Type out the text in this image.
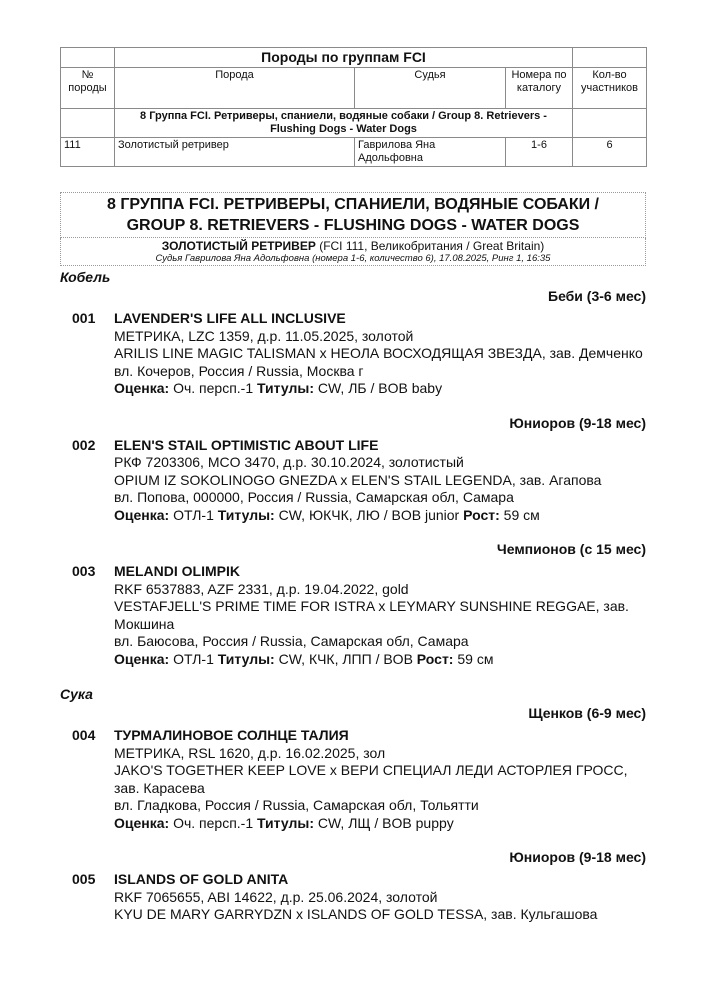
	Породы по группам FCI			
№ породы	Порода	Судья	Номера по каталогу	Кол-во участников
	8 Группа FCI. Ретриверы, спаниели, водяные собаки / Group 8. Retrievers - Flushing Dogs - Water Dogs			
111	Золотистый ретривер	Гаврилова Яна Адольфовна	1-6	6
8 ГРУППА FCI. РЕТРИВЕРЫ, СПАНИЕЛИ, ВОДЯНЫЕ СОБАКИ /
GROUP 8. RETRIEVERS - FLUSHING DOGS - WATER DOGS
ЗОЛОТИСТЫЙ РЕТРИВЕР (FCI 111, Великобритания / Great Britain)
Судья Гаврилова Яна Адольфовна (номера 1-6, количество 6), 17.08.2025, Ринг 1, 16:35
Кобель
Беби (3-6 мес)
001	LAVENDER'S LIFE ALL INCLUSIVE
МЕТРИКА, LZC 1359, д.р. 11.05.2025, золотой
ARILIS LINE MAGIC TALISMAN x НЕОЛА ВОСХОДЯЩАЯ ЗВЕЗДА, зав. Демченко
вл. Кочеров, Россия / Russia, Москва г
Оценка: Оч. персп.-1 Титулы: CW, ЛБ / BOB baby
Юниоров (9-18 мес)
002	ELEN'S STAIL OPTIMISTIC ABOUT LIFE
РКФ 7203306, MCO 3470, д.р. 30.10.2024, золотистый
OPIUM IZ SOKOLINOGO GNEZDA x ELEN'S STAIL LEGENDA, зав. Агапова
вл. Попова, 000000, Россия / Russia, Самарская обл, Самара
Оценка: ОТЛ-1 Титулы: CW, ЮКЧК, ЛЮ / BOB junior Рост: 59 см
Чемпионов (с 15 мес)
003	MELANDI OLIMPIK
RKF 6537883, AZF 2331, д.р. 19.04.2022, gold
VESTAFJELL'S PRIME TIME FOR ISTRA x LEYMARY SUNSHINE REGGAE, зав. Мокшина
вл. Баюсова, Россия / Russia, Самарская обл, Самара
Оценка: ОТЛ-1 Титулы: CW, КЧК, ЛПП / BOB Рост: 59 см
Сука
Щенков (6-9 мес)
004	ТУРМАЛИНОВОЕ СОЛНЦЕ ТАЛИЯ
МЕТРИКА, RSL 1620, д.р. 16.02.2025, зол
JAKO'S TOGETHER KEEP LOVE x ВЕРИ СПЕЦИАЛ ЛЕДИ АСТОРЛЕЯ ГРОСС, зав. Карасева
вл. Гладкова, Россия / Russia, Самарская обл, Тольятти
Оценка: Оч. персп.-1 Титулы: CW, ЛЩ / BOB puppy
Юниоров (9-18 мес)
005	ISLANDS OF GOLD ANITA
RKF 7065655, ABI 14622, д.р. 25.06.2024, золотой
KYU DE MARY GARRYDZN x ISLANDS OF GOLD TESSA, зав. Кульгашова
